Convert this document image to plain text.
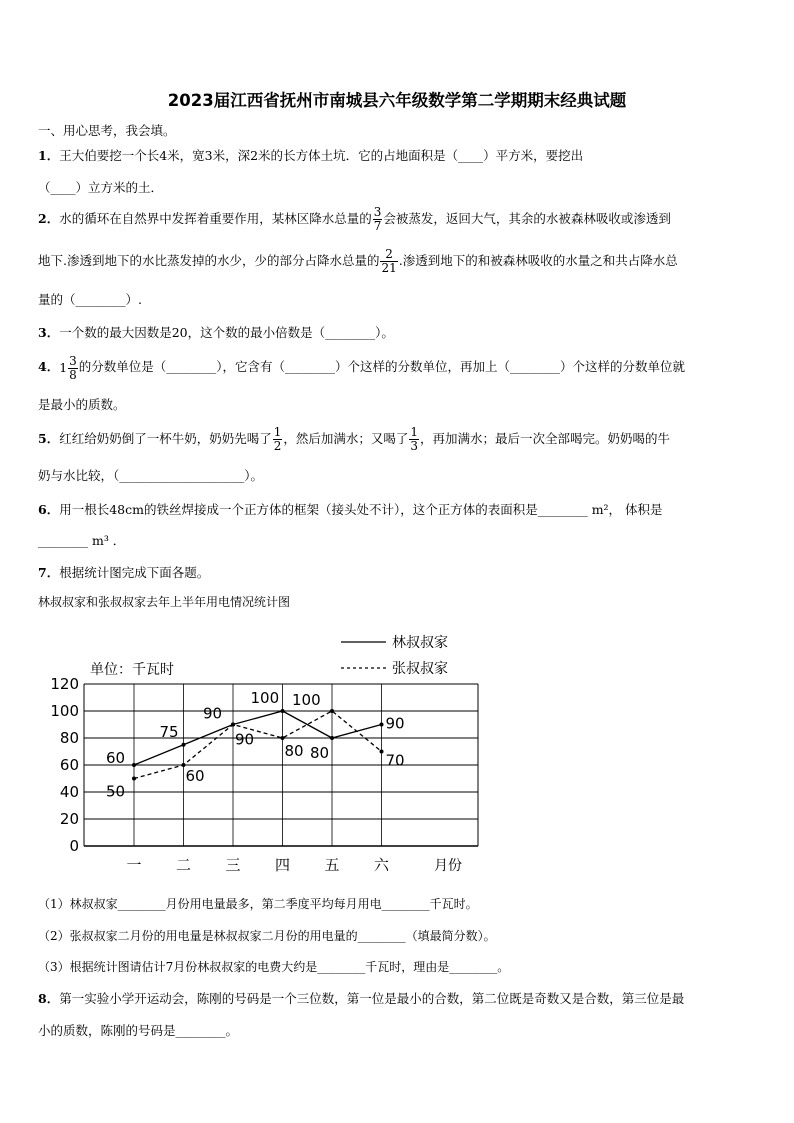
2023届江西省抚州市南城县六年级数学第二学期期末经典试题
一、用心思考，我会填。
1．王大伯要挖一个长4米，宽3米，深2米的长方体土坑．它的占地面积是（____）平方米，要挖出
（____）立方米的土．
2．水的循环在自然界中发挥着重要作用，某林区降水总量的 $\frac{3}{7}$ 会被蒸发，返回大气，其余的水被森林吸收或渗透到
地下.渗透到地下的水比蒸发掉的水少，少的部分占降水总量的 $\frac{2}{21}$ .渗透到地下的和被森林吸收的水量之和共占降水总
量的（________）.
3．一个数的最大因数是20，这个数的最小倍数是（________）。
4．$1 \frac{3}{8}$ 的分数单位是（________），它含有（________）个这样的分数单位，再加上（________）个这样的分数单位就
是最小的质数。
5．红红给奶奶倒了一杯牛奶，奶奶先喝了 $\frac{1}{2}$ ，然后加满水；又喝了 $\frac{1}{3}$ ，再加满水；最后一次全部喝完。奶奶喝的牛
奶与水比较，（____________________）。
6．用一根长48cm的铁丝焊接成一个正方体的框架（接头处不计），这个正方体的表面积是________ m²， 体积是
________ m³ ．
7．根据统计图完成下面各题。
林叔叔家和张叔叔家去年上半年用电情况统计图
林叔叔家
张叔叔家
单位：千瓦时
0
20
40
60
80
100
120
60
75
90
100
80
90
50
60
90
80
100
70
一 二 三 四 五 六	月份
（1）林叔叔家________月份用电量最多，第二季度平均每月用电________千瓦时。
（2）张叔叔家二月份的用电量是林叔叔家二月份的用电量的________（填最简分数）。
（3）根据统计图请估计7月份林叔叔家的电费大约是________千瓦时，理由是________。
8．第一实验小学开运动会，陈刚的号码是一个三位数，第一位是最小的合数，第二位既是奇数又是合数，第三位是最
小的质数，陈刚的号码是________。
